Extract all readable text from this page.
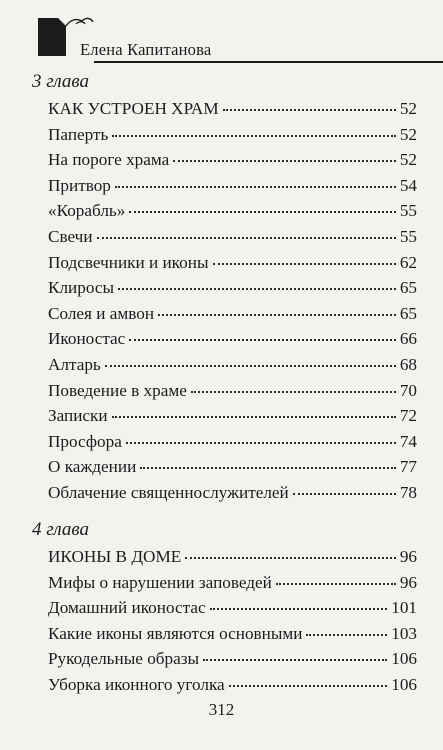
Елена Капитанова
3 глава
КАК УСТРОЕН ХРАМ	52
Паперть	52
На пороге храма	52
Притвор	54
«Корабль»	55
Свечи	55
Подсвечники и иконы	62
Клиросы	65
Солея и амвон	65
Иконостас	66
Алтарь	68
Поведение в храме	70
Записки	72
Просфора	74
О каждении	77
Облачение священнослужителей	78
4 глава
ИКОНЫ В ДОМЕ	96
Мифы о нарушении заповедей	96
Домашний иконостас	101
Какие иконы являются основными	103
Рукодельные образы	106
Уборка иконного уголка	106
312
